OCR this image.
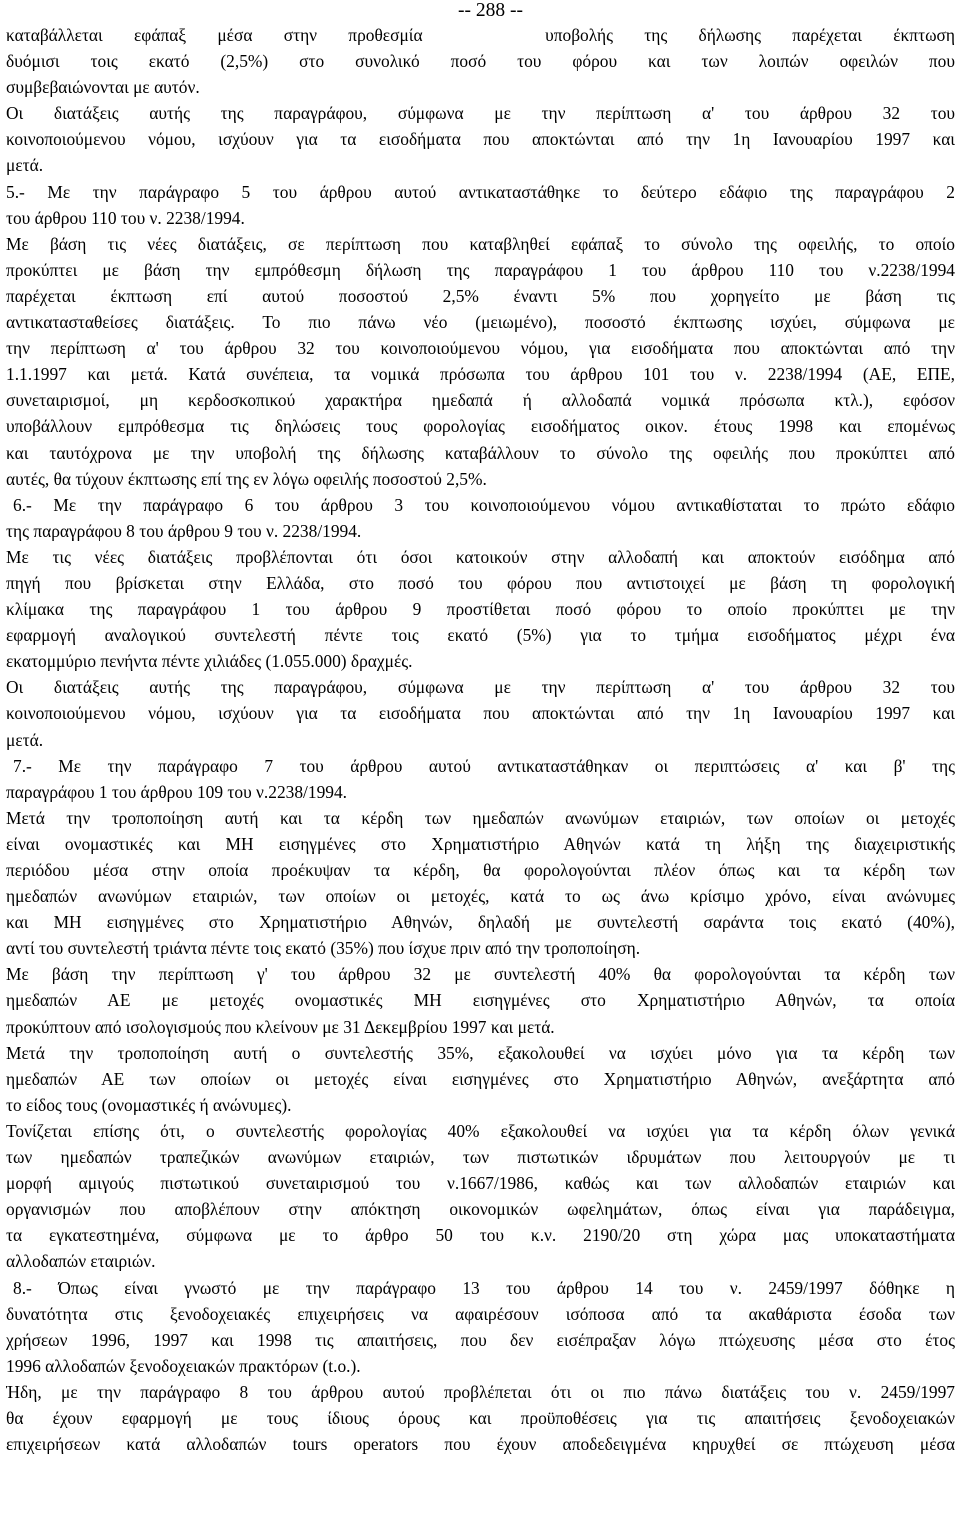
-- 288 --
καταβάλλεται εφάπαξ μέσα στην προθεσμία	υποβολής της δήλωσης παρέχεται έκπτωση
δυόμισι τοις εκατό (2,5%) στο συνολικό ποσό του φόρου και των λοιπών οφειλών που
συμβεβαιώνονται με αυτόν.
Οι διατάξεις αυτής της παραγράφου, σύμφωνα με την περίπτωση α' του άρθρου 32 του
κοινοποιούμενου νόμου, ισχύουν για τα εισοδήματα που αποκτώνται από την 1η Ιανουαρίου 1997 και
μετά.
5.- Με την παράγραφο 5 του άρθρου αυτού αντικαταστάθηκε το δεύτερο εδάφιο της παραγράφου 2
του άρθρου 110 του ν. 2238/1994.
Με βάση τις νέες διατάξεις, σε περίπτωση που καταβληθεί εφάπαξ το σύνολο της οφειλής, το οποίο
προκύπτει με βάση την εμπρόθεσμη δήλωση της παραγράφου 1 του άρθρου 110 του ν.2238/1994
παρέχεται έκπτωση επί αυτού ποσοστού 2,5% έναντι 5% που χορηγείτο με βάση τις
αντικατασταθείσες διατάξεις. Το πιο πάνω νέο (μειωμένο), ποσοστό έκπτωσης ισχύει, σύμφωνα με
την περίπτωση α' του άρθρου 32 του κοινοποιούμενου νόμου, για εισοδήματα που αποκτώνται από την
1.1.1997 και μετά. Κατά συνέπεια, τα νομικά πρόσωπα του άρθρου 101 του ν. 2238/1994 (ΑΕ, ΕΠΕ,
συνεταιρισμοί, μη κερδοσκοπικού χαρακτήρα ημεδαπά ή αλλοδαπά νομικά πρόσωπα κτλ.), εφόσον
υποβάλλουν εμπρόθεσμα τις δηλώσεις τους φορολογίας εισοδήματος οικον. έτους 1998 και επομένως
και ταυτόχρονα με την υποβολή της δήλωσης καταβάλλουν το σύνολο της οφειλής που προκύπτει από
αυτές, θα τύχουν έκπτωσης επί της εν λόγω οφειλής ποσοστού 2,5%.
6.- Με την παράγραφο 6 του άρθρου 3 του κοινοποιούμενου νόμου αντικαθίσταται το πρώτο εδάφιο
της παραγράφου 8 του άρθρου 9 του ν. 2238/1994.
Με τις νέες διατάξεις προβλέπονται ότι όσοι κατοικούν στην αλλοδαπή και αποκτούν εισόδημα από
πηγή που βρίσκεται στην Ελλάδα, στο ποσό του φόρου που αντιστοιχεί με βάση τη φορολογική
κλίμακα της παραγράφου 1 του άρθρου 9 προστίθεται ποσό φόρου το οποίο προκύπτει με την
εφαρμογή αναλογικού συντελεστή πέντε τοις εκατό (5%) για το τμήμα εισοδήματος μέχρι ένα
εκατομμύριο πενήντα πέντε χιλιάδες (1.055.000) δραχμές.
Οι διατάξεις αυτής της παραγράφου, σύμφωνα με την περίπτωση α' του άρθρου 32 του
κοινοποιούμενου νόμου, ισχύουν για τα εισοδήματα που αποκτώνται από την 1η Ιανουαρίου 1997 και
μετά.
7.- Με την παράγραφο 7 του άρθρου αυτού αντικαταστάθηκαν οι περιπτώσεις α' και β' της
παραγράφου 1 του άρθρου 109 του ν.2238/1994.
Μετά την τροποποίηση αυτή και τα κέρδη των ημεδαπών ανωνύμων εταιριών, των οποίων οι μετοχές
είναι ονομαστικές και ΜΗ εισηγμένες στο Χρηματιστήριο Αθηνών κατά τη λήξη της διαχειριστικής
περιόδου μέσα στην οποία προέκυψαν τα κέρδη, θα φορολογούνται πλέον όπως και τα κέρδη των
ημεδαπών ανωνύμων εταιριών, των οποίων οι μετοχές, κατά το ως άνω κρίσιμο χρόνο, είναι ανώνυμες
και ΜΗ εισηγμένες στο Χρηματιστήριο Αθηνών, δηλαδή με συντελεστή σαράντα τοις εκατό (40%),
αντί του συντελεστή τριάντα πέντε τοις εκατό (35%) που ίσχυε πριν από την τροποποίηση.
Με βάση την περίπτωση γ' του άρθρου 32 με συντελεστή 40% θα φορολογούνται τα κέρδη των
ημεδαπών ΑΕ με μετοχές ονομαστικές ΜΗ εισηγμένες στο Χρηματιστήριο Αθηνών, τα οποία
προκύπτουν από ισολογισμούς που κλείνουν με 31 Δεκεμβρίου 1997 και μετά.
Μετά την τροποποίηση αυτή ο συντελεστής 35%, εξακολουθεί να ισχύει μόνο για τα κέρδη των
ημεδαπών ΑΕ των οποίων οι μετοχές είναι εισηγμένες στο Χρηματιστήριο Αθηνών, ανεξάρτητα από
το είδος τους (ονομαστικές ή ανώνυμες).
Τονίζεται επίσης ότι, ο συντελεστής φορολογίας 40% εξακολουθεί να ισχύει για τα κέρδη όλων γενικά
των ημεδαπών τραπεζικών ανωνύμων εταιριών, των πιστωτικών ιδρυμάτων που λειτουργούν με τι
μορφή αμιγούς πιστωτικού συνεταιρισμού του ν.1667/1986, καθώς και των αλλοδαπών εταιριών και
οργανισμών που αποβλέπουν στην απόκτηση οικονομικών ωφελημάτων, όπως είναι για παράδειγμα,
τα εγκατεστημένα, σύμφωνα με το άρθρο 50 του κ.ν. 2190/20 στη χώρα μας υποκαταστήματα
αλλοδαπών εταιριών.
8.- Όπως είναι γνωστό με την παράγραφο 13 του άρθρου 14 του ν. 2459/1997 δόθηκε η
δυνατότητα στις ξενοδοχειακές επιχειρήσεις να αφαιρέσουν ισόποσα από τα ακαθάριστα έσοδα των
χρήσεων 1996, 1997 και 1998 τις απαιτήσεις, που δεν εισέπραξαν λόγω πτώχευσης μέσα στο έτος
1996 αλλοδαπών ξενοδοχειακών πρακτόρων (t.o.).
Ήδη, με την παράγραφο 8 του άρθρου αυτού προβλέπεται ότι οι πιο πάνω διατάξεις του ν. 2459/1997
θα έχουν εφαρμογή με τους ίδιους όρους και προϋποθέσεις για τις απαιτήσεις ξενοδοχειακών
επιχειρήσεων κατά αλλοδαπών tours operators που έχουν αποδεδειγμένα κηρυχθεί σε πτώχευση μέσα
